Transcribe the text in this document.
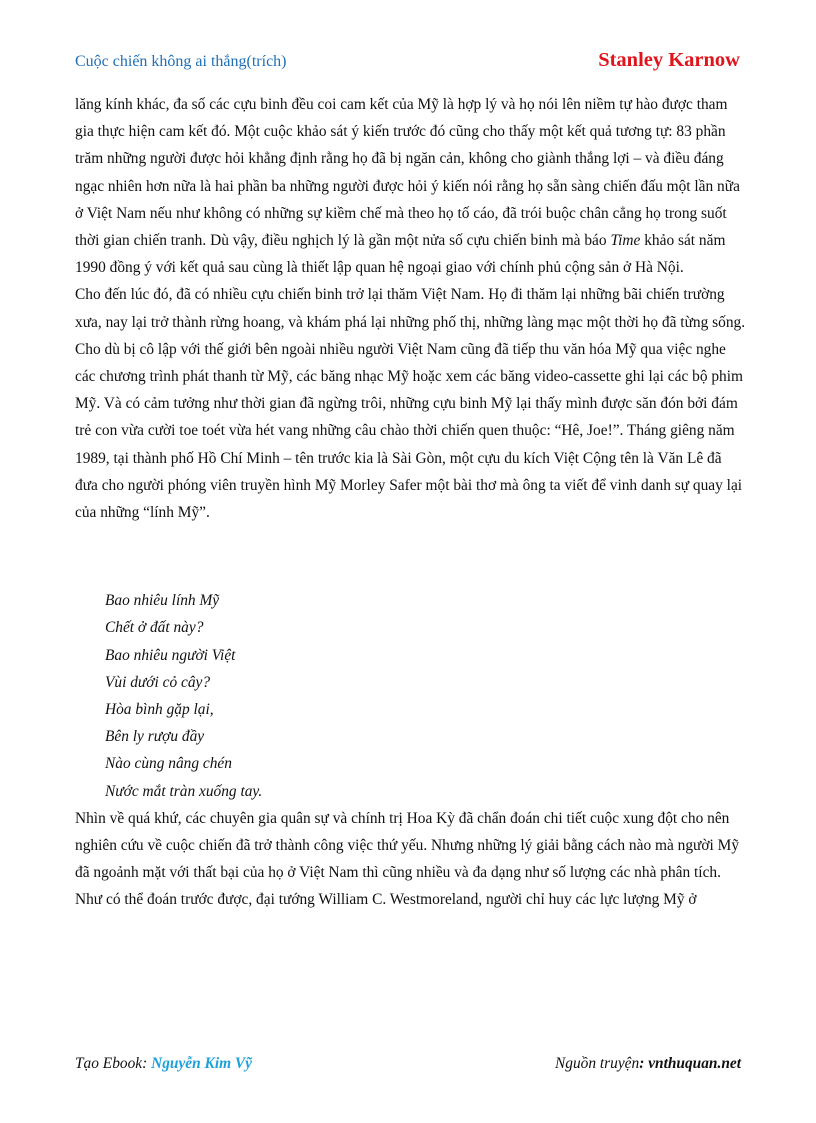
Cuộc chiến không ai thắng(trích)	Stanley Karnow

lăng kính khác, đa số các cựu binh đều coi cam kết của Mỹ là hợp lý và họ nói lên niềm tự hào được tham gia thực hiện cam kết đó. Một cuộc khảo sát ý kiến trước đó cũng cho thấy một kết quả tương tự: 83 phần trăm những người được hỏi khẳng định rằng họ đã bị ngăn cản, không cho giành thắng lợi – và điều đáng ngạc nhiên hơn nữa là hai phần ba những người được hỏi ý kiến nói rằng họ sẵn sàng chiến đấu một lần nữa ở Việt Nam nếu như không có những sự kiềm chế mà theo họ tố cáo, đã trói buộc chân cẳng họ trong suốt thời gian chiến tranh. Dù vậy, điều nghịch lý là gần một nửa số cựu chiến binh mà báo Time khảo sát năm 1990 đồng ý với kết quả sau cùng là thiết lập quan hệ ngoại giao với chính phủ cộng sản ở Hà Nội.

Cho đến lúc đó, đã có nhiều cựu chiến binh trở lại thăm Việt Nam. Họ đi thăm lại những bãi chiến trường xưa, nay lại trở thành rừng hoang, và khám phá lại những phố thị, những làng mạc một thời họ đã từng sống. Cho dù bị cô lập với thế giới bên ngoài nhiều người Việt Nam cũng đã tiếp thu văn hóa Mỹ qua việc nghe các chương trình phát thanh từ Mỹ, các băng nhạc Mỹ hoặc xem các băng video-cassette ghi lại các bộ phim Mỹ. Và có cảm tưởng như thời gian đã ngừng trôi, những cựu binh Mỹ lại thấy mình được săn đón bởi đám trẻ con vừa cười toe toét vừa hét vang những câu chào thời chiến quen thuộc: “Hê, Joe!”. Tháng giêng năm 1989, tại thành phố Hồ Chí Minh – tên trước kia là Sài Gòn, một cựu du kích Việt Cộng tên là Văn Lê đã đưa cho người phóng viên truyền hình Mỹ Morley Safer một bài thơ mà ông ta viết để vinh danh sự quay lại của những “lính Mỹ”.

Bao nhiêu lính Mỹ
Chết ở đất này?
Bao nhiêu người Việt
Vùi dưới cỏ cây?
Hòa bình gặp lại,
Bên ly rượu đầy
Nào cùng nâng chén
Nước mắt tràn xuống tay.

Nhìn về quá khứ, các chuyên gia quân sự và chính trị Hoa Kỳ đã chẩn đoán chi tiết cuộc xung đột cho nên nghiên cứu về cuộc chiến đã trở thành công việc thứ yếu. Nhưng những lý giải bằng cách nào mà người Mỹ đã ngoảnh mặt với thất bại của họ ở Việt Nam thì cũng nhiều và đa dạng như số lượng các nhà phân tích.

Như có thể đoán trước được, đại tướng William C. Westmoreland, người chỉ huy các lực lượng Mỹ ở

Tạo Ebook: Nguyễn Kim Vỹ	Nguồn truyện: vnthuquan.net
